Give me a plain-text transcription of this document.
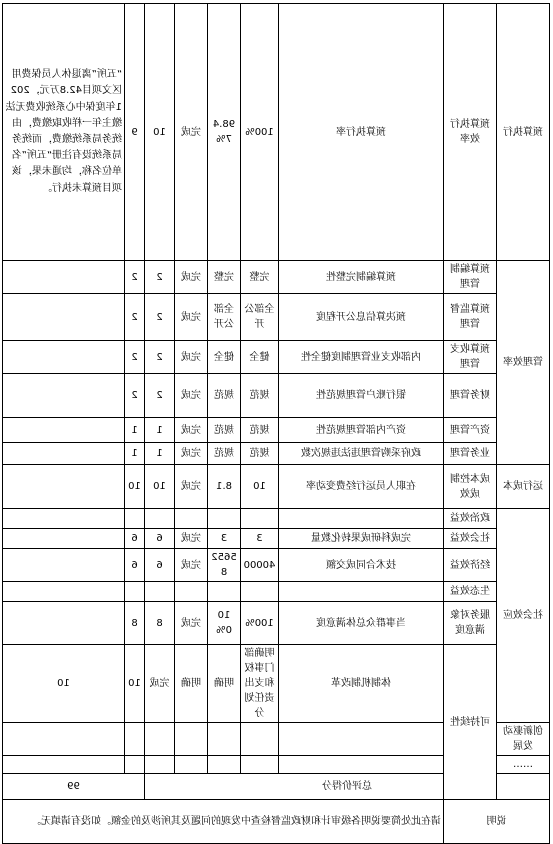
预算执行	预算执行效率	预算执行率	100%	98.47%	完成	10	9	“五所”离退休人员保费用区文项目42.8万元，2021年度保中心系统收费无法缴主年一样收取缴费，由统务局系统缴费，而统务局系统设有注册“五所”名单位名称，均通未果，该项目预算未执行。	
管理效率	预算编制管理	预算编制完整性	完整	完整	完成	2	2		
	预算监督管理	预决算信息公开程度	全部公开	全部公开	完成	2	2		
	预算收支管理	内部收支业管理制度健全性	健全	健全	完成	2	2		
	财务管理	银行账户管理规范性	规范	规范	完成	2	2		
	资产管理	资产内部管理规范性	规范	规范	完成	1	1		
	业务管理	政府采购管理违法违规次数	规范	规范	完成	1	1		
运行成本	成本控制成效	在职人员运行经费变动率	10	8.1	完成	10	10		
社会效应	政治效益								
	社会效益	完成科研成果转化数量	3	3	完成	6	6		
	经济效益	技术合同成交额	40000	56528	完成	6	6		
	生态效益								
	服务对象满意度	当事群众总体满意度	100%	100%	完成	8	8		
	可持续性	体制机制改革	明确部门事权和支出责任划分	明确	明确	完成	10	10	
创新驱动发展									
……									
总评价得分							99		
说明		请在此处简要说明各级审计和财政监督检查中发现的问题及其所涉及的金额。如没有请填无。							
